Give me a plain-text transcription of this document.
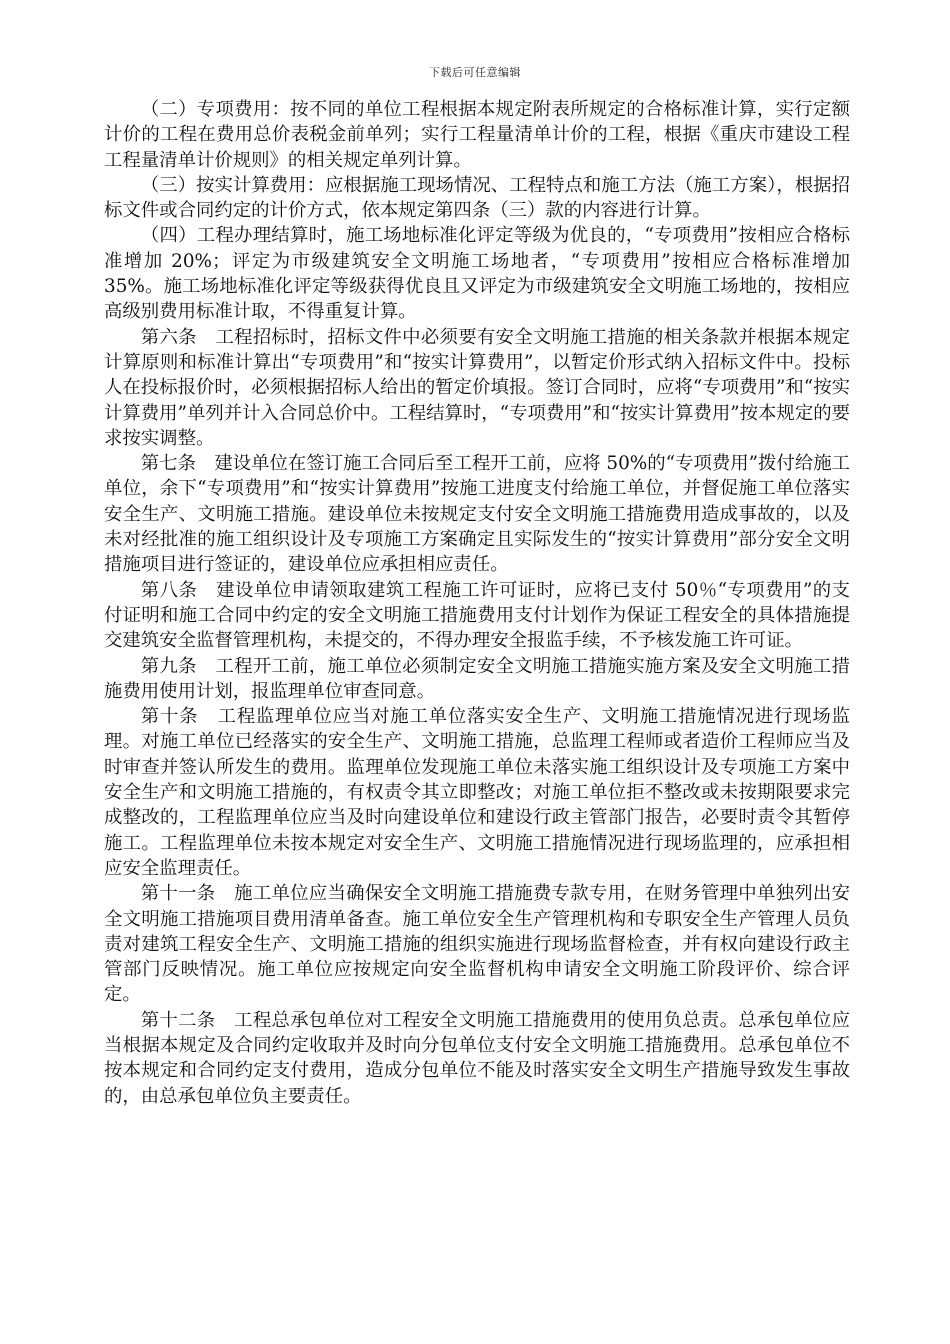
下载后可任意编辑

（二）专项费用：按不同的单位工程根据本规定附表所规定的合格标准计算，实行定额计价的工程在费用总价表税金前单列；实行工程量清单计价的工程，根据《重庆市建设工程工程量清单计价规则》的相关规定单列计算。

（三）按实计算费用：应根据施工现场情况、工程特点和施工方法（施工方案），根据招标文件或合同约定的计价方式，依本规定第四条（三）款的内容进行计算。

（四）工程办理结算时，施工场地标准化评定等级为优良的，“专项费用”按相应合格标准增加 20%；评定为市级建筑安全文明施工场地者，“专项费用”按相应合格标准增加 35%。施工场地标准化评定等级获得优良且又评定为市级建筑安全文明施工场地的，按相应高级别费用标准计取，不得重复计算。

第六条　工程招标时，招标文件中必须要有安全文明施工措施的相关条款并根据本规定计算原则和标准计算出“专项费用”和“按实计算费用”，以暂定价形式纳入招标文件中。投标人在投标报价时，必须根据招标人给出的暂定价填报。签订合同时，应将“专项费用”和“按实计算费用”单列并计入合同总价中。工程结算时，“专项费用”和“按实计算费用”按本规定的要求按实调整。

第七条　建设单位在签订施工合同后至工程开工前，应将 50%的“专项费用”拨付给施工单位，余下“专项费用”和“按实计算费用”按施工进度支付给施工单位，并督促施工单位落实安全生产、文明施工措施。建设单位未按规定支付安全文明施工措施费用造成事故的，以及未对经批准的施工组织设计及专项施工方案确定且实际发生的“按实计算费用”部分安全文明措施项目进行签证的，建设单位应承担相应责任。

第八条　建设单位申请领取建筑工程施工许可证时，应将已支付 50％“专项费用”的支付证明和施工合同中约定的安全文明施工措施费用支付计划作为保证工程安全的具体措施提交建筑安全监督管理机构，未提交的，不得办理安全报监手续，不予核发施工许可证。

第九条　工程开工前，施工单位必须制定安全文明施工措施实施方案及安全文明施工措施费用使用计划，报监理单位审查同意。

第十条　工程监理单位应当对施工单位落实安全生产、文明施工措施情况进行现场监理。对施工单位已经落实的安全生产、文明施工措施，总监理工程师或者造价工程师应当及时审查并签认所发生的费用。监理单位发现施工单位未落实施工组织设计及专项施工方案中安全生产和文明施工措施的，有权责令其立即整改；对施工单位拒不整改或未按期限要求完成整改的，工程监理单位应当及时向建设单位和建设行政主管部门报告，必要时责令其暂停施工。工程监理单位未按本规定对安全生产、文明施工措施情况进行现场监理的，应承担相应安全监理责任。

第十一条　施工单位应当确保安全文明施工措施费专款专用，在财务管理中单独列出安全文明施工措施项目费用清单备查。施工单位安全生产管理机构和专职安全生产管理人员负责对建筑工程安全生产、文明施工措施的组织实施进行现场监督检查，并有权向建设行政主管部门反映情况。施工单位应按规定向安全监督机构申请安全文明施工阶段评价、综合评定。

第十二条　工程总承包单位对工程安全文明施工措施费用的使用负总责。总承包单位应当根据本规定及合同约定收取并及时向分包单位支付安全文明施工措施费用。总承包单位不按本规定和合同约定支付费用，造成分包单位不能及时落实安全文明生产措施导致发生事故的，由总承包单位负主要责任。
